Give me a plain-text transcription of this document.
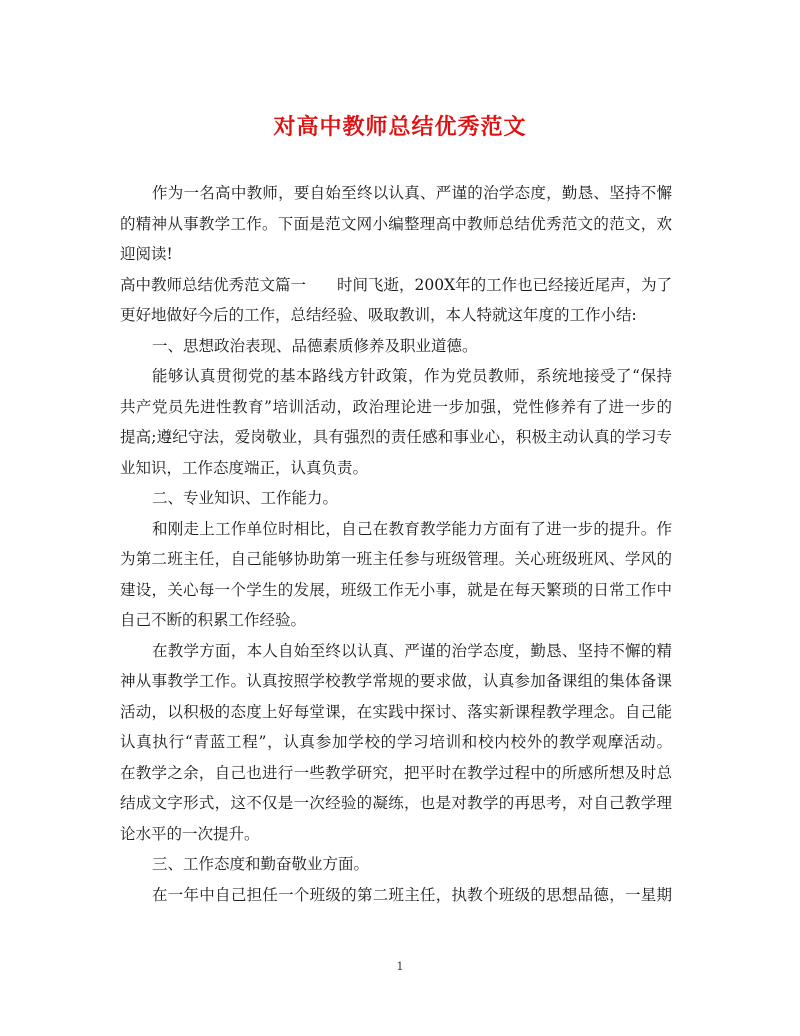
对高中教师总结优秀范文
作为一名高中教师，要自始至终以认真、严谨的治学态度，勤恳、坚持不懈
的精神从事教学工作。下面是范文网小编整理高中教师总结优秀范文的范文，欢
迎阅读!
高中教师总结优秀范文篇一　　时间飞逝，200X年的工作也已经接近尾声，为了
更好地做好今后的工作，总结经验、吸取教训，本人特就这年度的工作小结:
一、思想政治表现、品德素质修养及职业道德。
能够认真贯彻党的基本路线方针政策，作为党员教师，系统地接受了“保持
共产党员先进性教育”培训活动，政治理论进一步加强，党性修养有了进一步的
提高;遵纪守法，爱岗敬业，具有强烈的责任感和事业心，积极主动认真的学习专
业知识，工作态度端正，认真负责。
二、专业知识、工作能力。
和刚走上工作单位时相比，自己在教育教学能力方面有了进一步的提升。作
为第二班主任，自己能够协助第一班主任参与班级管理。关心班级班风、学风的
建设，关心每一个学生的发展，班级工作无小事，就是在每天繁琐的日常工作中
自己不断的积累工作经验。
在教学方面，本人自始至终以认真、严谨的治学态度，勤恳、坚持不懈的精
神从事教学工作。认真按照学校教学常规的要求做，认真参加备课组的集体备课
活动，以积极的态度上好每堂课，在实践中探讨、落实新课程教学理念。自己能
认真执行“青蓝工程”，认真参加学校的学习培训和校内校外的教学观摩活动。
在教学之余，自己也进行一些教学研究，把平时在教学过程中的所感所想及时总
结成文字形式，这不仅是一次经验的凝练，也是对教学的再思考，对自己教学理
论水平的一次提升。
三、工作态度和勤奋敬业方面。
在一年中自己担任一个班级的第二班主任，执教个班级的思想品德，一星期
1
